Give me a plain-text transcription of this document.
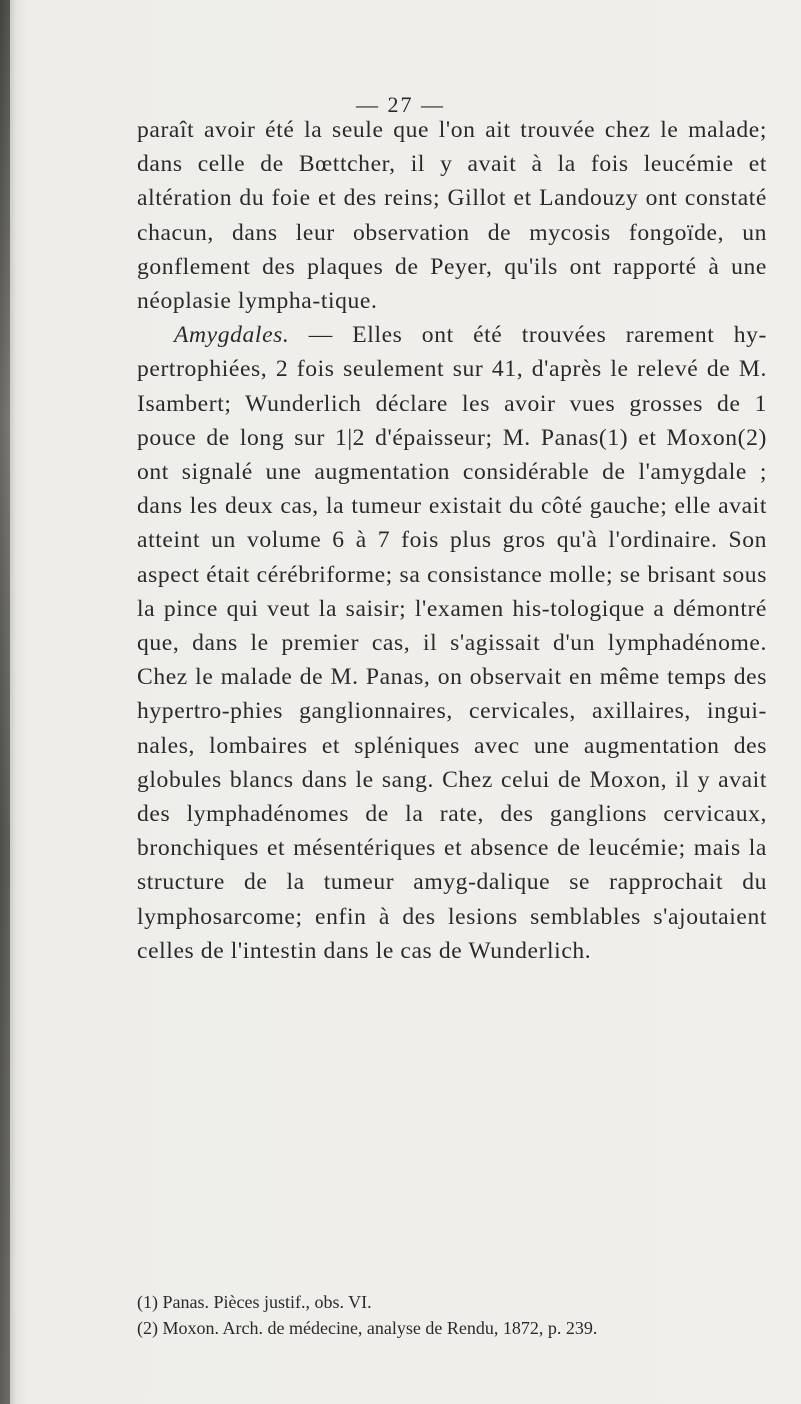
— 27 —

paraît avoir été la seule que l'on ait trouvée chez le malade; dans celle de Bœttcher, il y avait à la fois leucémie et altération du foie et des reins; Gillot et Landouzy ont constaté chacun, dans leur observation de mycosis fongoïde, un gonflement des plaques de Peyer, qu'ils ont rapporté à une néoplasie lympha-tique.

Amygdales. — Elles ont été trouvées rarement hy-pertrophiées, 2 fois seulement sur 41, d'après le relevé de M. Isambert; Wunderlich déclare les avoir vues grosses de 1 pouce de long sur 1|2 d'épaisseur; M. Panas(1) et Moxon(2) ont signalé une augmentation considérable de l'amygdale ; dans les deux cas, la tumeur existait du côté gauche; elle avait atteint un volume 6 à 7 fois plus gros qu'à l'ordinaire. Son aspect était cérébriforme; sa consistance molle; se brisant sous la pince qui veut la saisir; l'examen his-tologique a démontré que, dans le premier cas, il s'agissait d'un lymphadénome. Chez le malade de M. Panas, on observait en même temps des hypertro-phies ganglionnaires, cervicales, axillaires, ingui-nales, lombaires et spléniques avec une augmentation des globules blancs dans le sang. Chez celui de Moxon, il y avait des lymphadénomes de la rate, des ganglions cervicaux, bronchiques et mésentériques et absence de leucémie; mais la structure de la tumeur amyg-dalique se rapprochait du lymphosarcome; enfin à des lesions semblables s'ajoutaient celles de l'intestin dans le cas de Wunderlich.

(1) Panas. Pièces justif., obs. VI.
(2) Moxon. Arch. de médecine, analyse de Rendu, 1872, p. 239.
